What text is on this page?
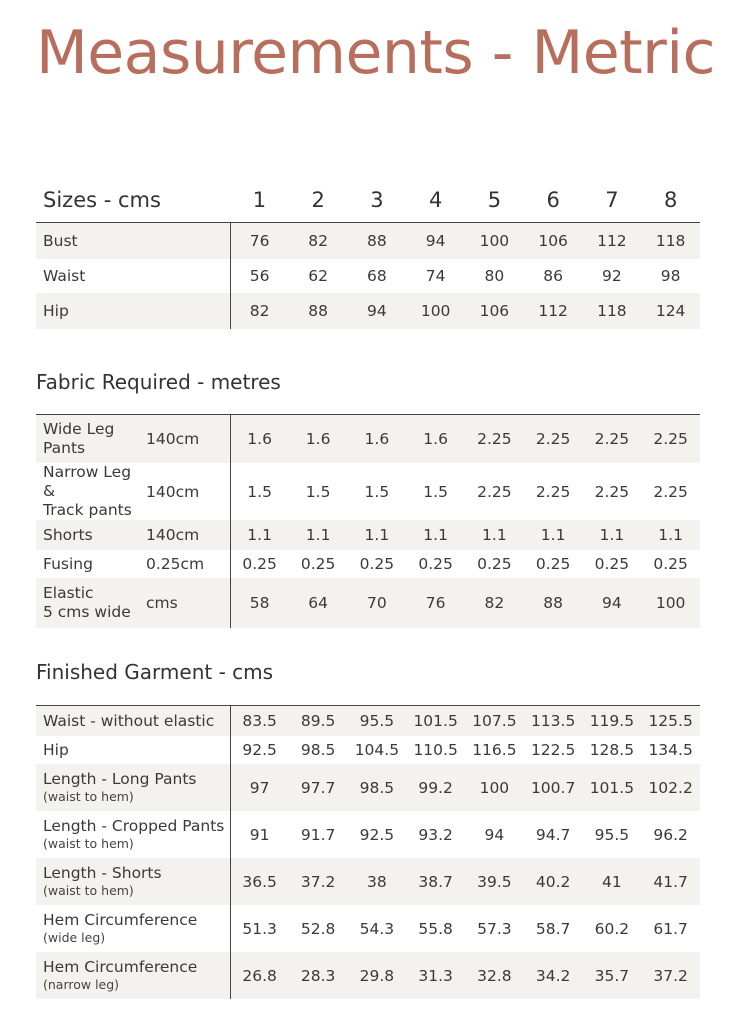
Measurements - Metric
Sizes - cms	1	2	3	4	5	6	7	8
Bust	76	82	88	94	100	106	112	118
Waist	56	62	68	74	80	86	92	98
Hip	82	88	94	100	106	112	118	124
Fabric Required - metres
Wide Leg
Pants	140cm	1.6	1.6	1.6	1.6	2.25	2.25	2.25	2.25

Narrow Leg &
Track pants	140cm	1.5	1.5	1.5	1.5	2.25	2.25	2.25	2.25

Shorts	140cm	1.1	1.1	1.1	1.1	1.1	1.1	1.1	1.1

Fusing	0.25cm	0.25	0.25	0.25	0.25	0.25	0.25	0.25	0.25

Elastic
5 cms wide	cms	58	64	70	76	82	88	94	100
Finished Garment - cms
Waist - without elastic	83.5	89.5	95.5	101.5	107.5	113.5	119.5	125.5

Hip	92.5	98.5	104.5	110.5	116.5	122.5	128.5	134.5

Length - Long Pants
(waist to hem)	97	97.7	98.5	99.2	100	100.7	101.5	102.2

Length - Cropped Pants
(waist to hem)	91	91.7	92.5	93.2	94	94.7	95.5	96.2

Length - Shorts
(waist to hem)	36.5	37.2	38	38.7	39.5	40.2	41	41.7

Hem Circumference
(wide leg)	51.3	52.8	54.3	55.8	57.3	58.7	60.2	61.7

Hem Circumference
(narrow leg)	26.8	28.3	29.8	31.3	32.8	34.2	35.7	37.2
